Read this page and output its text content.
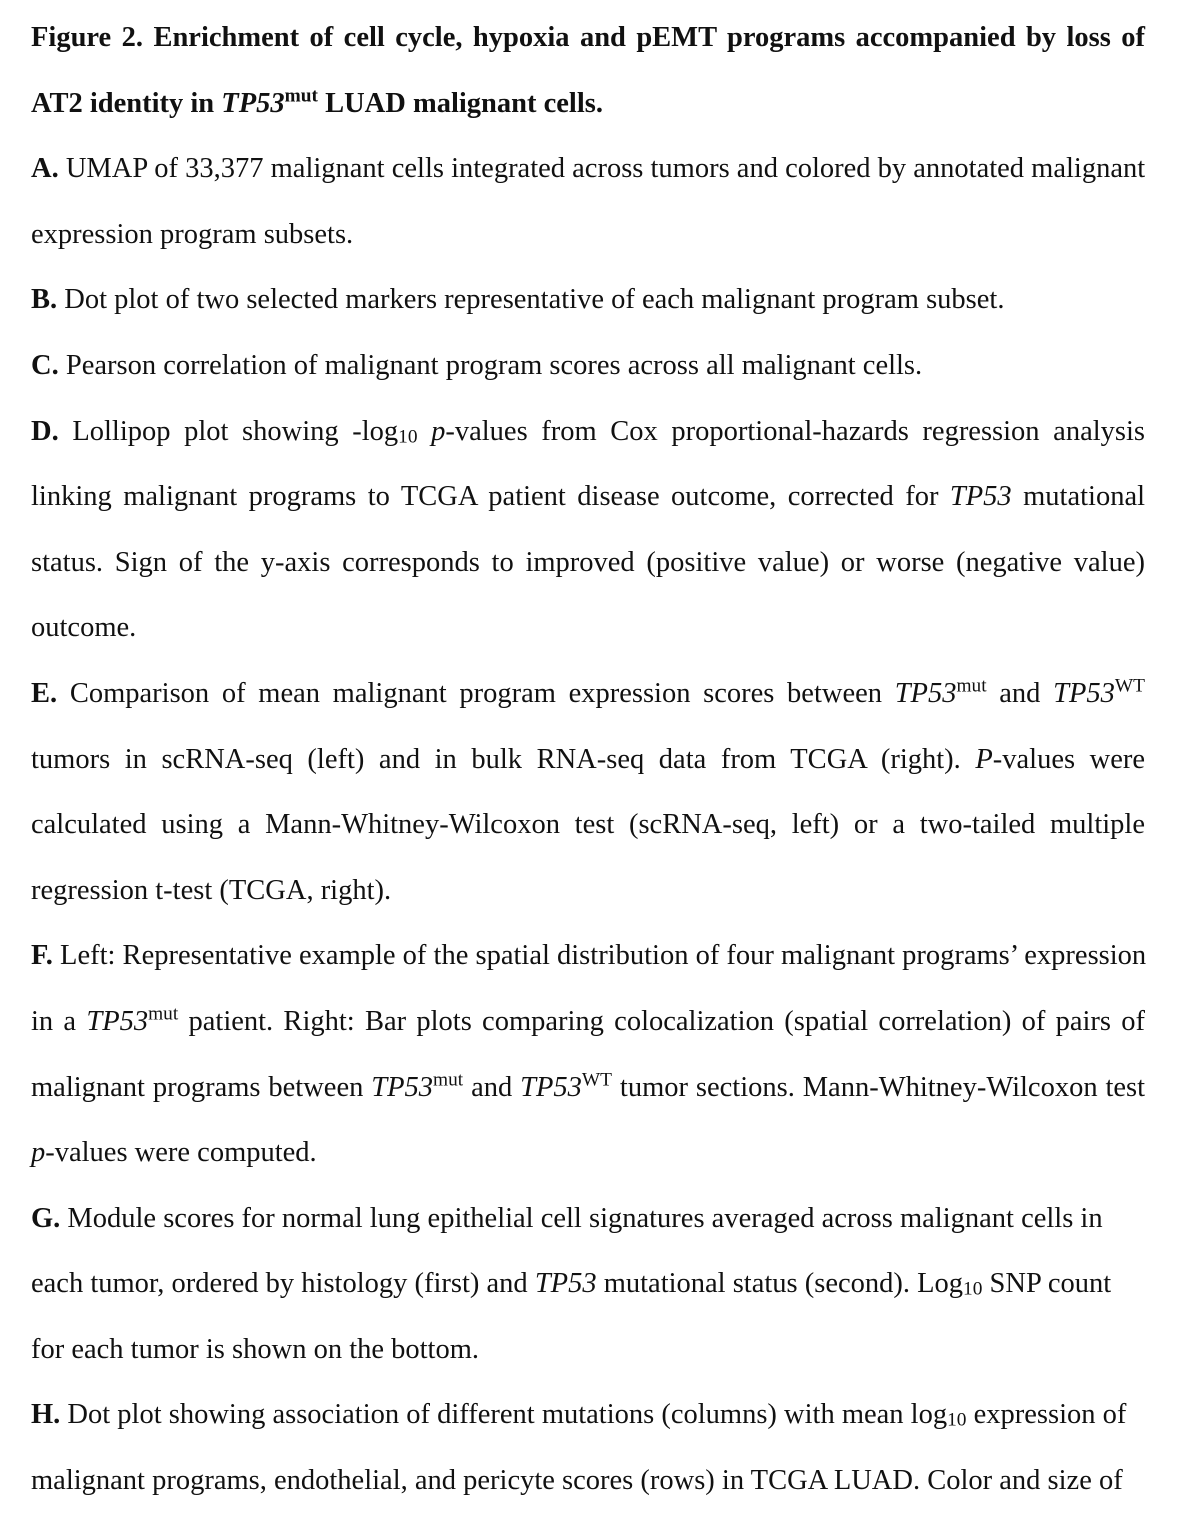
Figure 2. Enrichment of cell cycle, hypoxia and pEMT programs accompanied by loss of
AT2 identity in $TP53^{mut}$ LUAD malignant cells.
A. UMAP of 33,377 malignant cells integrated across tumors and colored by annotated malignant
expression program subsets.
B. Dot plot of two selected markers representative of each malignant program subset.
C. Pearson correlation of malignant program scores across all malignant cells.
D. Lollipop plot showing $-\log_{10}$ p-values from Cox proportional-hazards regression analysis
linking malignant programs to TCGA patient disease outcome, corrected for TP53 mutational
status. Sign of the y-axis corresponds to improved (positive value) or worse (negative value)
outcome.
E. Comparison of mean malignant program expression scores between $TP53^{mut}$ and $TP53^{WT}$
tumors in scRNA-seq (left) and in bulk RNA-seq data from TCGA (right). P-values were
calculated using a Mann-Whitney-Wilcoxon test (scRNA-seq, left) or a two-tailed multiple
regression t-test (TCGA, right).
F. Left: Representative example of the spatial distribution of four malignant programs’ expression
in a $TP53^{mut}$ patient. Right: Bar plots comparing colocalization (spatial correlation) of pairs of
malignant programs between $TP53^{mut}$ and $TP53^{WT}$ tumor sections. Mann-Whitney-Wilcoxon test
p-values were computed.
G. Module scores for normal lung epithelial cell signatures averaged across malignant cells in
each tumor, ordered by histology (first) and TP53 mutational status (second). Log$_{10}$ SNP count
for each tumor is shown on the bottom.
H. Dot plot showing association of different mutations (columns) with mean $\log_{10}$ expression of
malignant programs, endothelial, and pericyte scores (rows) in TCGA LUAD. Color and size of
